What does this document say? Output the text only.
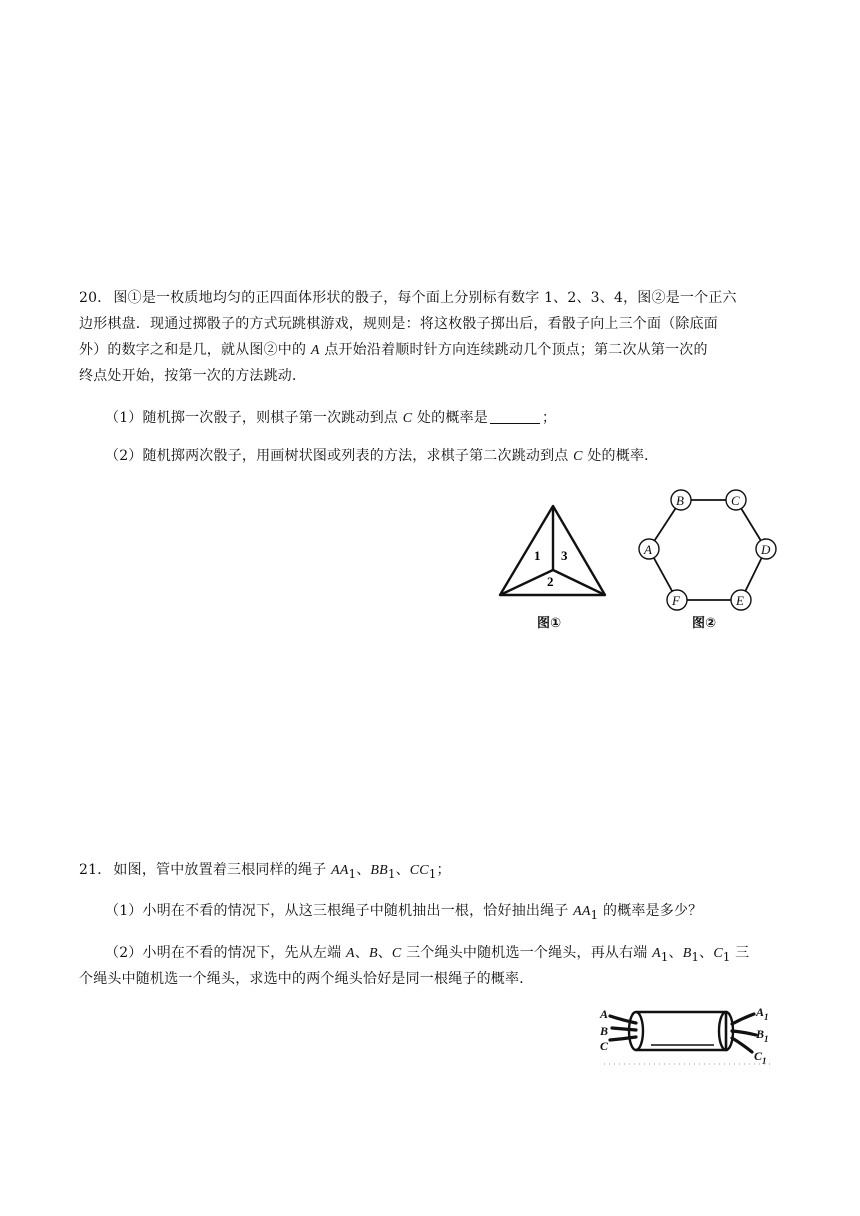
20． 图①是一枚质地均匀的正四面体形状的骰子，每个面上分别标有数字 1、2、3、4，图②是一个正六
边形棋盘．现通过掷骰子的方式玩跳棋游戏，规则是：将这枚骰子掷出后，看骰子向上三个面（除底面
外）的数字之和是几，就从图②中的 A 点开始沿着顺时针方向连续跳动几个顶点；第二次从第一次的
终点处开始，按第一次的方法跳动．
（1）随机掷一次骰子，则棋子第一次跳动到点 C 处的概率是	；
（2）随机掷两次骰子，用画树状图或列表的方法，求棋子第二次跳动到点 C 处的概率．
1 3
2
图①
B	C
A	D
F	E
图②
21． 如图，管中放置着三根同样的绳子 $AA_1$、$BB_1$、$CC_1$；
（1）小明在不看的情况下，从这三根绳子中随机抽出一根，恰好抽出绳子 $AA_1$ 的概率是多少？
（2）小明在不看的情况下，先从左端 A、B、C 三个绳头中随机选一个绳头，再从右端 $A_1$、$B_1$、$C_1$ 三
个绳头中随机选一个绳头，求选中的两个绳头恰好是同一根绳子的概率．
A
B
C
A 1
B 1
C 1
